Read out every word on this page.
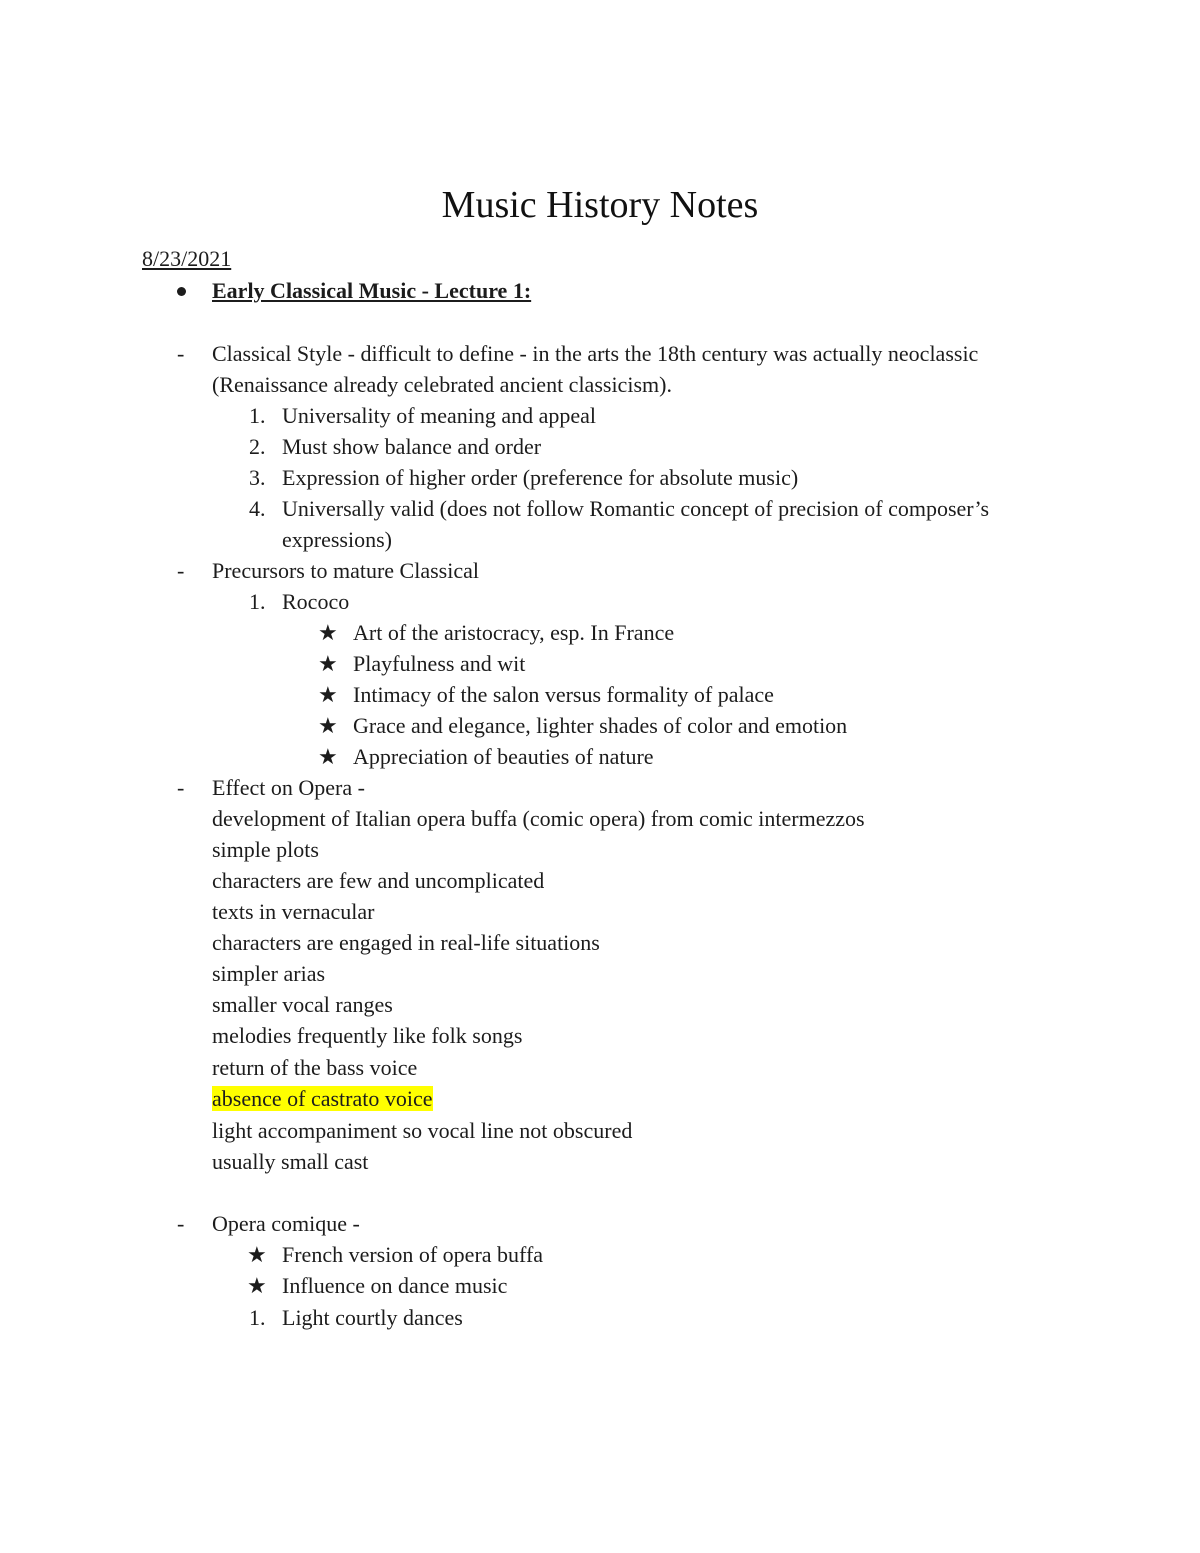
Music History Notes
8/23/2021
Early Classical Music - Lecture 1:
- Classical Style - difficult to define - in the arts the 18th century was actually neoclassic
(Renaissance already celebrated ancient classicism).
1. Universality of meaning and appeal
2. Must show balance and order
3. Expression of higher order (preference for absolute music)
4. Universally valid (does not follow Romantic concept of precision of composer’s
expressions)
- Precursors to mature Classical
1. Rococo
★ Art of the aristocracy, esp. In France
★ Playfulness and wit
★ Intimacy of the salon versus formality of palace
★ Grace and elegance, lighter shades of color and emotion
★ Appreciation of beauties of nature
- Effect on Opera -
development of Italian opera buffa (comic opera) from comic intermezzos
simple plots
characters are few and uncomplicated
texts in vernacular
characters are engaged in real-life situations
simpler arias
smaller vocal ranges
melodies frequently like folk songs
return of the bass voice
absence of castrato voice
light accompaniment so vocal line not obscured
usually small cast
- Opera comique -
★ French version of opera buffa
★ Influence on dance music
1. Light courtly dances
